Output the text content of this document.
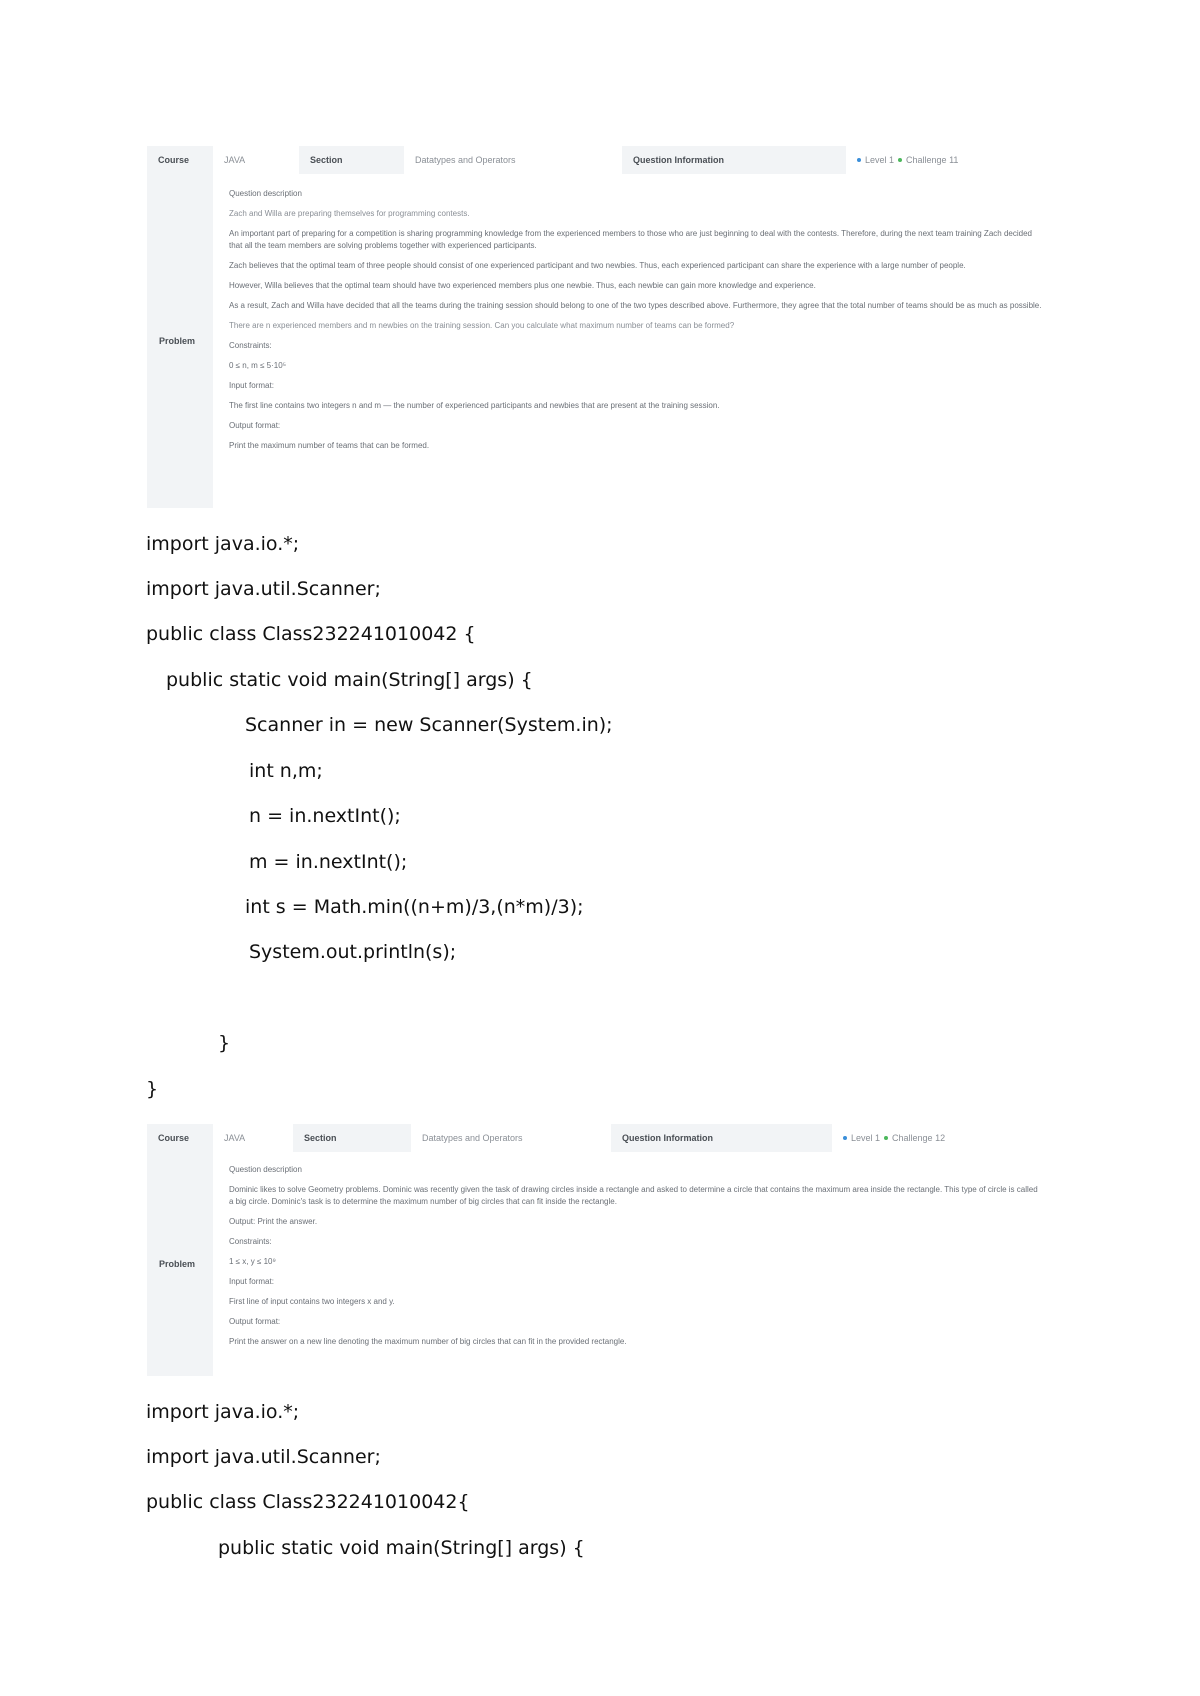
Course	JAVA	Section	Datatypes and Operators	Question Information	Level 1	Challenge 11
Problem

Question description

Zach and Willa are preparing themselves for programming contests.

An important part of preparing for a competition is sharing programming knowledge from the experienced members to those who are just beginning to deal with the contests. Therefore, during the next team training Zach decided that all the team members are solving problems together with experienced participants.

Zach believes that the optimal team of three people should consist of one experienced participant and two newbies. Thus, each experienced participant can share the experience with a large number of people.

However, Willa believes that the optimal team should have two experienced members plus one newbie. Thus, each newbie can gain more knowledge and experience.

As a result, Zach and Willa have decided that all the teams during the training session should belong to one of the two types described above. Furthermore, they agree that the total number of teams should be as much as possible.

There are n experienced members and m newbies on the training session. Can you calculate what maximum number of teams can be formed?

Constraints:

0 ≤ n, m ≤ 5·10⁵

Input format:

The first line contains two integers n and m — the number of experienced participants and newbies that are present at the training session.

Output format:

Print the maximum number of teams that can be formed.

import java.io.*;
import java.util.Scanner;
public class Class232241010042 {
public static void main(String[] args) {
Scanner in = new Scanner(System.in);
int n,m;
n = in.nextInt();
m = in.nextInt();
int s = Math.min((n+m)/3,(n*m)/3);
System.out.println(s);
}
}
Course	JAVA	Section	Datatypes and Operators	Question Information	Level 1	Challenge 12
Problem

Question description

Dominic likes to solve Geometry problems. Dominic was recently given the task of drawing circles inside a rectangle and asked to determine a circle that contains the maximum area inside the rectangle. This type of circle is called a big circle. Dominic's task is to determine the maximum number of big circles that can fit inside the rectangle.

Output: Print the answer.

Constraints:

1 ≤ x, y ≤ 10⁹

Input format:

First line of input contains two integers x and y.

Output format:

Print the answer on a new line denoting the maximum number of big circles that can fit in the provided rectangle.

import java.io.*;
import java.util.Scanner;
public class Class232241010042{
public static void main(String[] args) {
